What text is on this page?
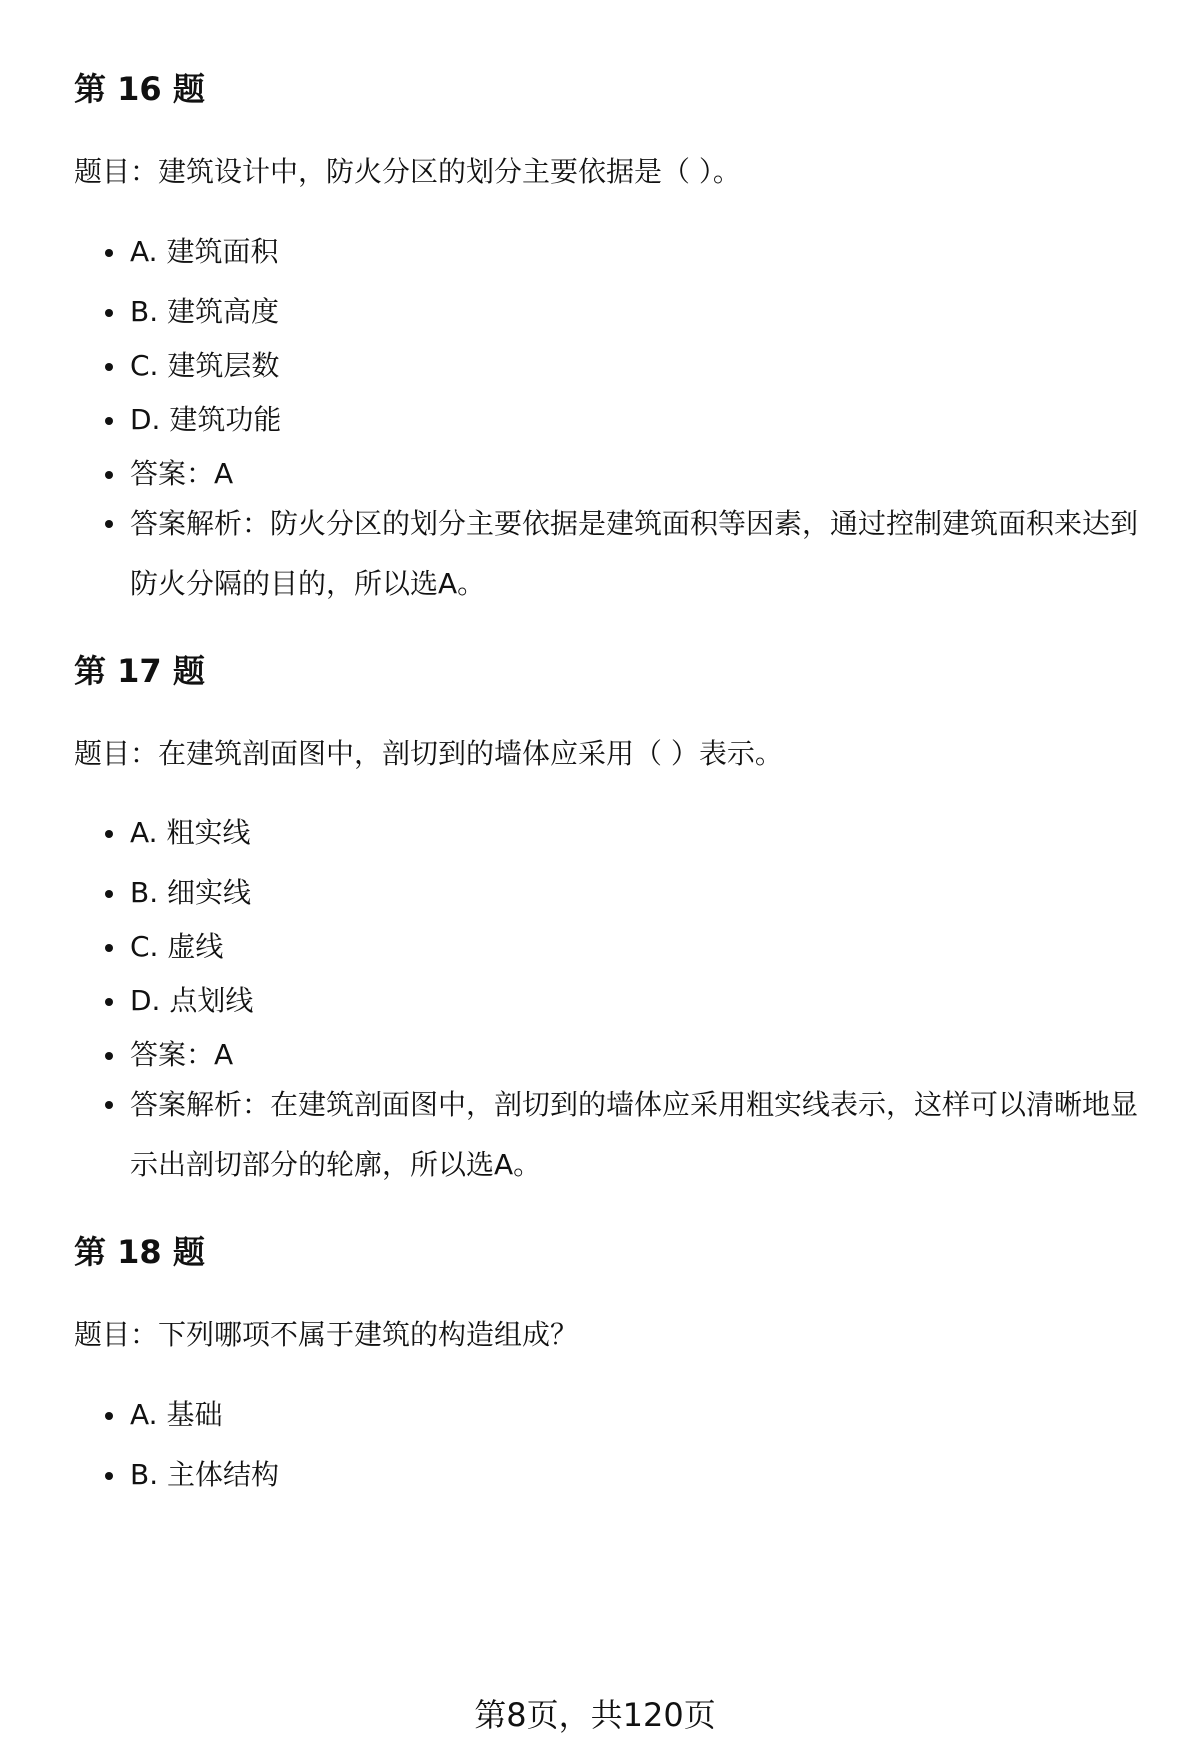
第 16 题

题目：建筑设计中，防火分区的划分主要依据是（ ）。

A. 建筑面积
B. 建筑高度
C. 建筑层数
D. 建筑功能
答案：A
答案解析：防火分区的划分主要依据是建筑面积等因素，通过控制建筑面积来达到防火分隔的目的，所以选A。
第 17 题

题目：在建筑剖面图中，剖切到的墙体应采用（ ）表示。

A. 粗实线
B. 细实线
C. 虚线
D. 点划线
答案：A
答案解析：在建筑剖面图中，剖切到的墙体应采用粗实线表示，这样可以清晰地显示出剖切部分的轮廓，所以选A。
第 18 题

题目：下列哪项不属于建筑的构造组成？

A. 基础
B. 主体结构
第8页，共120页
